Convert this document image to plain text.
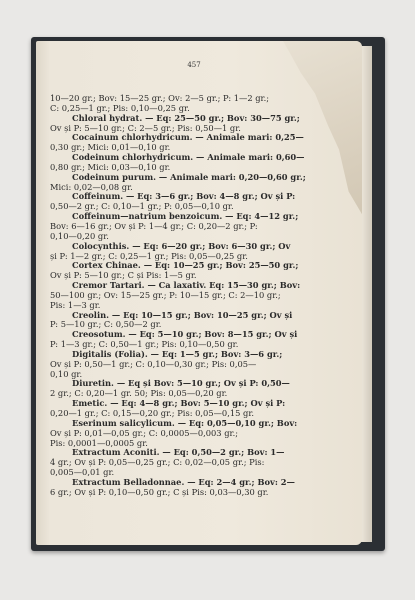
457
10—20 gr.; Bov: 15—25 gr.; Ov: 2—5 gr.; P: 1—2 gr.;
C: 0,25—1 gr.; Pis: 0,10—0,25 gr.
Chloral hydrat. — Eq: 25—50 gr.; Bov: 30—75 gr.;
Ov și P: 5—10 gr.; C: 2—5 gr.; Pis: 0,50—1 gr.
Cocainum chlorhydricum. — Animale mari: 0,25—
0,30 gr.; Mici: 0,01—0,10 gr.
Codeinum chlorhydricum. — Animale mari: 0,60—
0,80 gr.; Mici: 0,03—0,10 gr.
Codeinum purum. — Animale mari: 0,20—0,60 gr.;
Mici: 0,02—0,08 gr.
Coffeinum. — Eq: 3—6 gr.; Bov: 4—8 gr.; Ov și P:
0,50—2 gr.; C: 0,10—1 gr.; P: 0,05—0,10 gr.
Coffeinum—natrium benzoicum. — Eq: 4—12 gr.;
Bov: 6—16 gr.; Ov și P: 1—4 gr.; C: 0,20—2 gr.; P:
0,10—0,20 gr.
Colocynthis. — Eq: 6—20 gr.; Bov: 6—30 gr.; Ov
și P: 1—2 gr.; C: 0,25—1 gr.; Pis: 0,05—0,25 gr.
Cortex Chinae. — Eq: 10—25 gr.; Bov: 25—50 gr.;
Ov și P: 5—10 gr.; C și Pis: 1—5 gr.
Cremor Tartari. — Ca laxativ. Eq: 15—30 gr.; Bov:
50—100 gr.; Ov: 15—25 gr.; P: 10—15 gr.; C: 2—10 gr.;
Pis: 1—3 gr.
Creolin. — Eq: 10—15 gr.; Bov: 10—25 gr.; Ov și
P: 5—10 gr.; C: 0,50—2 gr.
Creosotum. — Eq: 5—10 gr.; Bov: 8—15 gr.; Ov și
P: 1—3 gr.; C: 0,50—1 gr.; Pis: 0,10—0,50 gr.
Digitalis (Folia). — Eq: 1—5 gr.; Bov: 3—6 gr.;
Ov și P: 0,50—1 gr.; C: 0,10—0,30 gr.; Pis: 0,05—
0,10 gr.
Diuretin. — Eq și Bov: 5—10 gr.; Ov și P: 0,50—
2 gr.; C: 0,20—1 gr. 50; Pis: 0,05—0,20 gr.
Emetic. — Eq: 4—8 gr.; Bov: 5—10 gr.; Ov și P:
0,20—1 gr.; C: 0,15—0,20 gr.; Pis: 0,05—0,15 gr.
Eserinum salicylicum. — Eq: 0,05—0,10 gr.; Bov:
Ov și P: 0,01—0,05 gr.; C: 0,0005—0,003 gr.;
Pis: 0,0001—0,0005 gr.
Extractum Aconiti. — Eq: 0,50—2 gr.; Bov: 1—
4 gr.; Ov și P: 0,05—0,25 gr.; C: 0,02—0,05 gr.; Pis:
0,005—0,01 gr.
Extractum Belladonnae. — Eq: 2—4 gr.; Bov: 2—
6 gr.; Ov și P: 0,10—0,50 gr.; C și Pis: 0,03—0,30 gr.
